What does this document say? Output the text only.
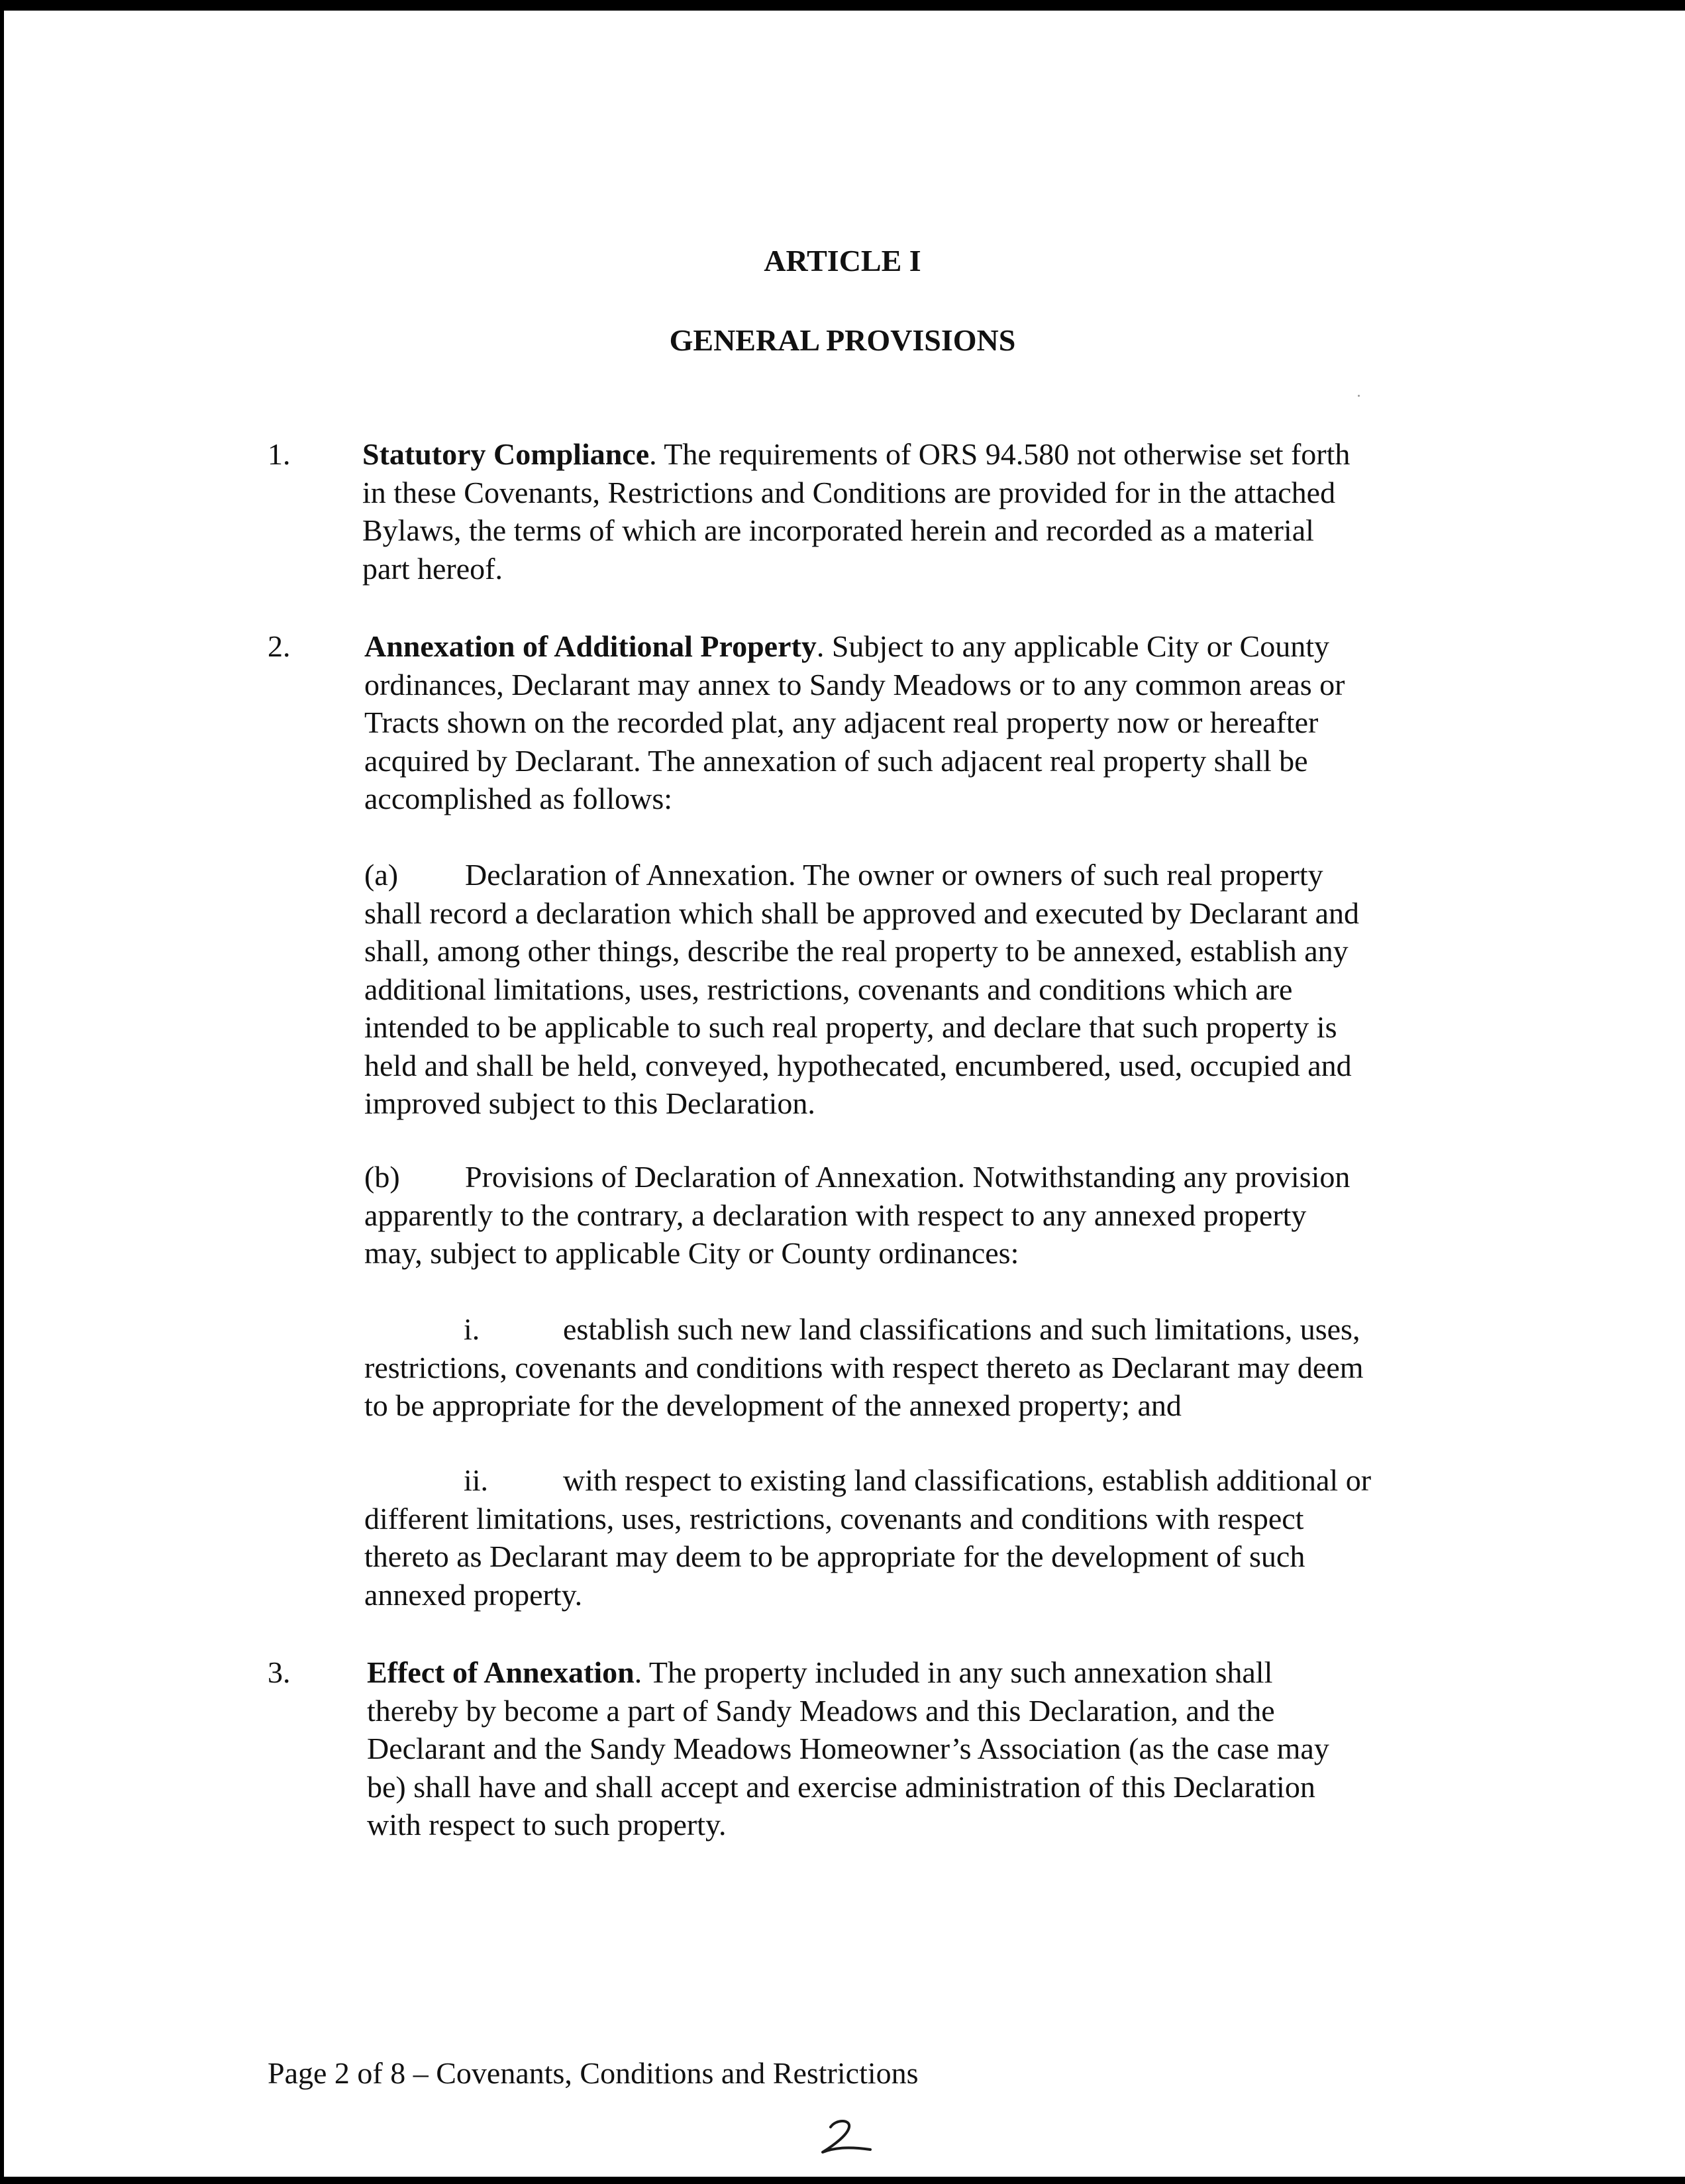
ARTICLE I
GENERAL PROVISIONS
1. Statutory Compliance. The requirements of ORS 94.580 not otherwise set forth
in these Covenants, Restrictions and Conditions are provided for in the attached
Bylaws, the terms of which are incorporated herein and recorded as a material
part hereof.
2. Annexation of Additional Property. Subject to any applicable City or County
ordinances, Declarant may annex to Sandy Meadows or to any common areas or
Tracts shown on the recorded plat, any adjacent real property now or hereafter
acquired by Declarant. The annexation of such adjacent real property shall be
accomplished as follows:
(a) Declaration of Annexation. The owner or owners of such real property
shall record a declaration which shall be approved and executed by Declarant and
shall, among other things, describe the real property to be annexed, establish any
additional limitations, uses, restrictions, covenants and conditions which are
intended to be applicable to such real property, and declare that such property is
held and shall be held, conveyed, hypothecated, encumbered, used, occupied and
improved subject to this Declaration.
(b) Provisions of Declaration of Annexation. Notwithstanding any provision
apparently to the contrary, a declaration with respect to any annexed property
may, subject to applicable City or County ordinances:
i.	establish such new land classifications and such limitations, uses,
restrictions, covenants and conditions with respect thereto as Declarant may deem
to be appropriate for the development of the annexed property; and
ii. with respect to existing land classifications, establish additional or
different limitations, uses, restrictions, covenants and conditions with respect
thereto as Declarant may deem to be appropriate for the development of such
annexed property.
3.	Effect of Annexation. The property included in any such annexation shall
thereby by become a part of Sandy Meadows and this Declaration, and the
Declarant and the Sandy Meadows Homeowner’s Association (as the case may
be) shall have and shall accept and exercise administration of this Declaration
with respect to such property.
Page 2 of 8 – Covenants, Conditions and Restrictions
